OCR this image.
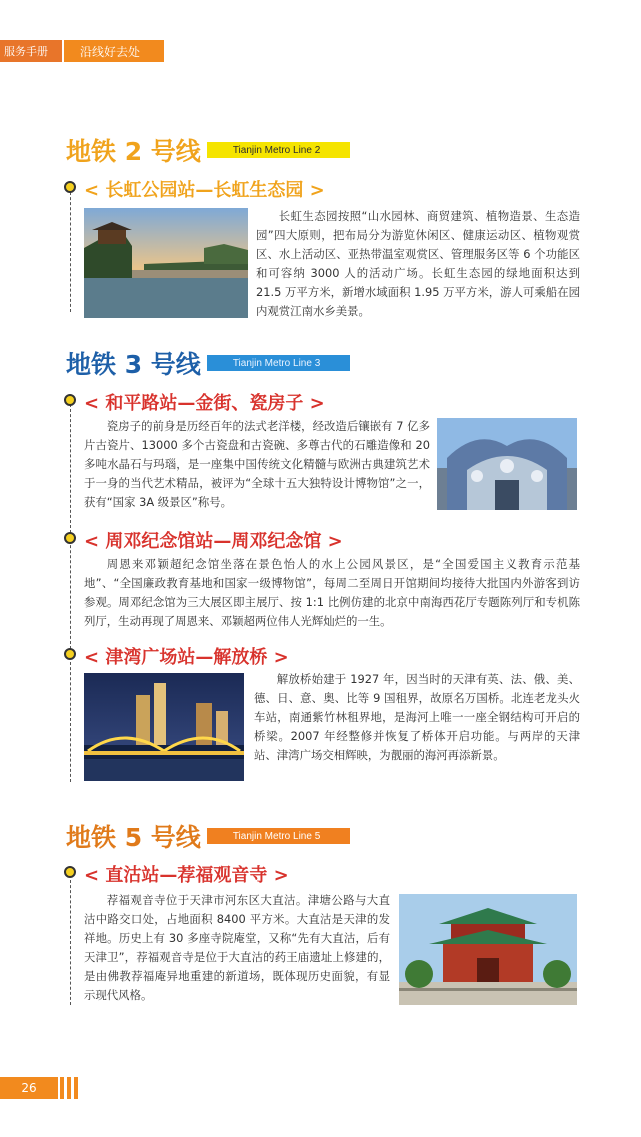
服务手册	沿线好去处
地铁 2 号线	Tianjin Metro Line 2
< 长虹公园站—长虹生态园 >
长虹生态园按照“山水园林、商贸建筑、植物造景、生态造园”四大原则，把布局分为游览休闲区、健康运动区、植物观赏区、水上活动区、亚热带温室观赏区、管理服务区等 6 个功能区和可容纳 3000 人的活动广场。长虹生态园的绿地面积达到 21.5 万平方米，新增水域面积 1.95 万平方米，游人可乘船在园内观赏江南水乡美景。
地铁 3 号线	Tianjin Metro Line 3
< 和平路站—金街、瓷房子 >
瓷房子的前身是历经百年的法式老洋楼，经改造后镶嵌有 7 亿多片古瓷片、13000 多个古瓷盘和古瓷碗、多尊古代的石雕造像和 20 多吨水晶石与玛瑙，是一座集中国传统文化精髓与欧洲古典建筑艺术于一身的当代艺术精品，被评为“全球十五大独特设计博物馆”之一，获有“国家 3A 级景区”称号。
< 周邓纪念馆站—周邓纪念馆 >
周恩来邓颖超纪念馆坐落在景色怡人的水上公园风景区，是“全国爱国主义教育示范基地”、“全国廉政教育基地和国家一级博物馆”，每周二至周日开馆期间均接待大批国内外游客到访参观。周邓纪念馆为三大展区即主展厅、按 1:1 比例仿建的北京中南海西花厅专题陈列厅和专机陈列厅，生动再现了周恩来、邓颖超两位伟人光辉灿烂的一生。
< 津湾广场站—解放桥 >
解放桥始建于 1927 年，因当时的天津有英、法、俄、美、德、日、意、奥、比等 9 国租界，故原名万国桥。北连老龙头火车站，南通紫竹林租界地，是海河上唯一一座全钢结构可开启的桥梁。2007 年经整修并恢复了桥体开启功能。与两岸的天津站、津湾广场交相辉映，为靓丽的海河再添新景。
地铁 5 号线	Tianjin Metro Line 5
< 直沽站—荐福观音寺 >
荐福观音寺位于天津市河东区大直沽。津塘公路与大直沽中路交口处，占地面积 8400 平方米。大直沽是天津的发祥地。历史上有 30 多座寺院庵堂，又称“先有大直沽，后有天津卫”，荐福观音寺是位于大直沽的药王庙遗址上修建的，是由佛教荐福庵异地重建的新道场，既体现历史面貌，有显示现代风格。
26
